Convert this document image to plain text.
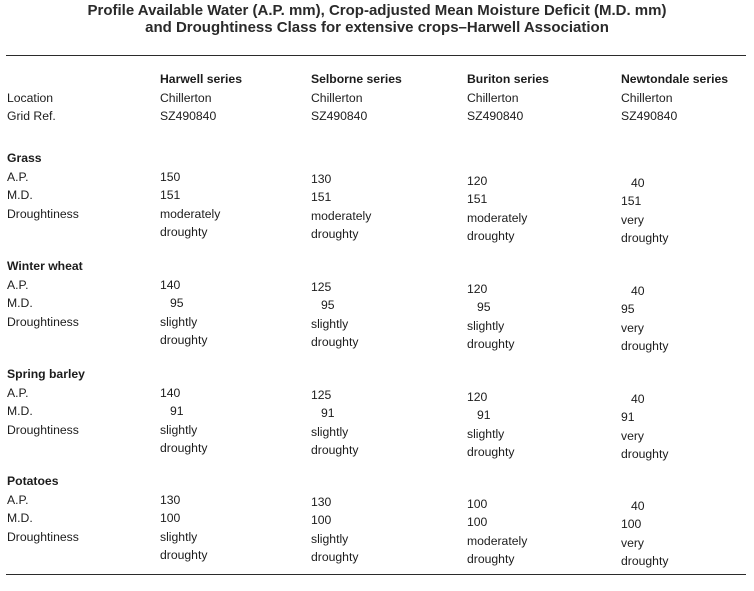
Profile Available Water (A.P. mm), Crop-adjusted Mean Moisture Deficit (M.D. mm)
and Droughtiness Class for extensive crops–Harwell Association
Location
Grid Ref.
Harwell series
Chillerton
SZ490840
Selborne series
Chillerton
SZ490840
Buriton series
Chillerton
SZ490840
Newtondale series
Chillerton
SZ490840
Grass
A.P.
M.D.
Droughtiness
150
151
moderately
droughty
130
151
moderately
droughty
120
151
moderately
droughty
40
151
very
droughty
Winter wheat
A.P.
M.D.
Droughtiness
140
95
slightly
droughty
125
95
slightly
droughty
120
95
slightly
droughty
40
95
very
droughty
Spring barley
A.P.
M.D.
Droughtiness
140
91
slightly
droughty
125
91
slightly
droughty
120
91
slightly
droughty
40
91
very
droughty
Potatoes
A.P.
M.D.
Droughtiness
130
100
slightly
droughty
130
100
slightly
droughty
100
100
moderately
droughty
40
100
very
droughty
